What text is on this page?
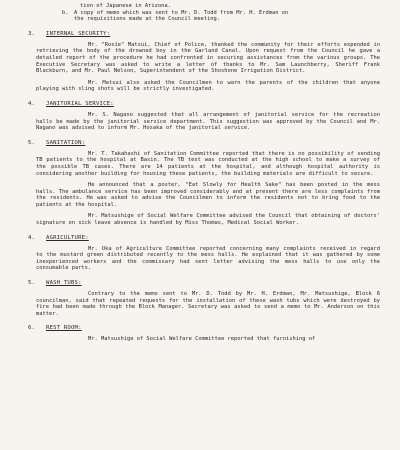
tion of Japanese in Arizona.

b. A copy of memo which was sent to Mr. D. Todd from Mr. H. Erdman on

the requisitions made at the Council meeting.

3.	INTERNAL SECURITY:

Mr. "Rosie" Matsui, Chief of Police, thanked the community for their efforts expended in retrieving the body of the drowned boy in the Garland Canal. Upon request from the Council he gave a detailed report of the procedure he had confronted in securing assistances from the various groups. The Executive Secretary was asked to write a letter of thanks to Mr. Sam Launchberry, Sheriff Frank Blackburn, and Mr. Paul Nelson, Superintendent of the Shoshone Irrigation District.

Mr. Matsui also asked the Councilmen to warn the parents of the children that anyone playing with sling shots will be strictly investigated.

4.	JANITORIAL SERVICE:

Mr. S. Nagano suggested that all arrangement of janitorial service for the recreation halls be made by the janitorial service department. This suggestion was approved by the Council and Mr. Nagano was advised to inform Mr. Hosaka of the janitorial service.

5.	SANITATION:

Mr. T. Takahashi of Sanitation Committee reported that there is no possibility of sending TB patients to the hospital at Basin. The TB test was conducted at the high school to make a survey of the possible TB cases. There are 14 patients at the hospital, and although hospital authority is considering another building for housing these patients, the building materials are difficult to secure.

He announced that a poster, "Eat Slowly for Health Sake" has been posted in the mess halls. The ambulance service has been improved considerably and at present there are less complaints from the residents. He was asked to advise the Councilmen to inform the residents not to bring food to the patients at the hospital.

Mr. Matsushige of Social Welfare Committee advised the Council that obtaining of doctors' signature on sick leave absence is handled by Miss Thomas, Medical Social Worker.

4.	AGRICULTURE:

Mr. Oka of Agriculture Committee reported concerning many complaints received in regard to the mustard green distributed recently to the mess halls. He explained that it was gathered by some inexperienced workers and the commissary had sent letter advising the mess halls to use only the consumable parts.

5.	WASH TUBS:

Contrary to the memo sent to Mr. D. Todd by Mr. H. Erdman, Mr. Matsushige, Block 6 councilman, said that repeated requests for the installation of these wash tubs which were destroyed by fire had been made through the Block Manager. Secretary was asked to send a memo to Mr. Anderson on this matter.

6.	REST ROOM:

Mr. Matsushige of Social Welfare Committee reported that furnishing of
